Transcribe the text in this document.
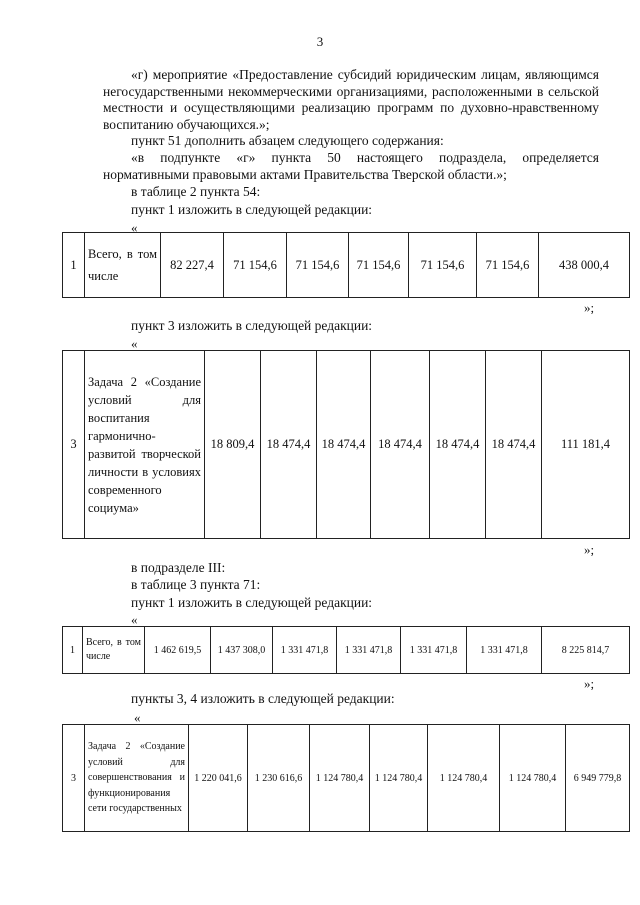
3
«г) мероприятие «Предоставление субсидий юридическим лицам, являющимся негосударственными некоммерческими организациями, расположенными в сельской местности и осуществляющими реализацию программ по духовно-нравственному воспитанию обучающихся.»;
пункт 51 дополнить абзацем следующего содержания:
«в подпункте «г» пункта 50 настоящего подраздела, определяется нормативными правовыми актами Правительства Тверской области.»;
в таблице 2 пункта 54:
пункт 1 изложить в следующей редакции:
«
1	Всего, в том числе	82 227,4	71 154,6	71 154,6	71 154,6	71 154,6	71 154,6	438 000,4
»;
пункт 3 изложить в следующей редакции:
«
3	Задача 2 «Создание условий для воспитания гармонично-развитой творческой личности в условиях современного социума»	18 809,4	18 474,4	18 474,4	18 474,4	18 474,4	18 474,4	111 181,4
»;
в подразделе III:
в таблице 3 пункта 71:
пункт 1 изложить в следующей редакции:
«
1	Всего, в том числе	1 462 619,5	1 437 308,0	1 331 471,8	1 331 471,8	1 331 471,8	1 331 471,8	8 225 814,7
»;
пункты 3, 4 изложить в следующей редакции:
«
3	Задача 2 «Создание условий для совершенствования и функционирования сети государственных	1 220 041,6	1 230 616,6	1 124 780,4	1 124 780,4	1 124 780,4	1 124 780,4	6 949 779,8
